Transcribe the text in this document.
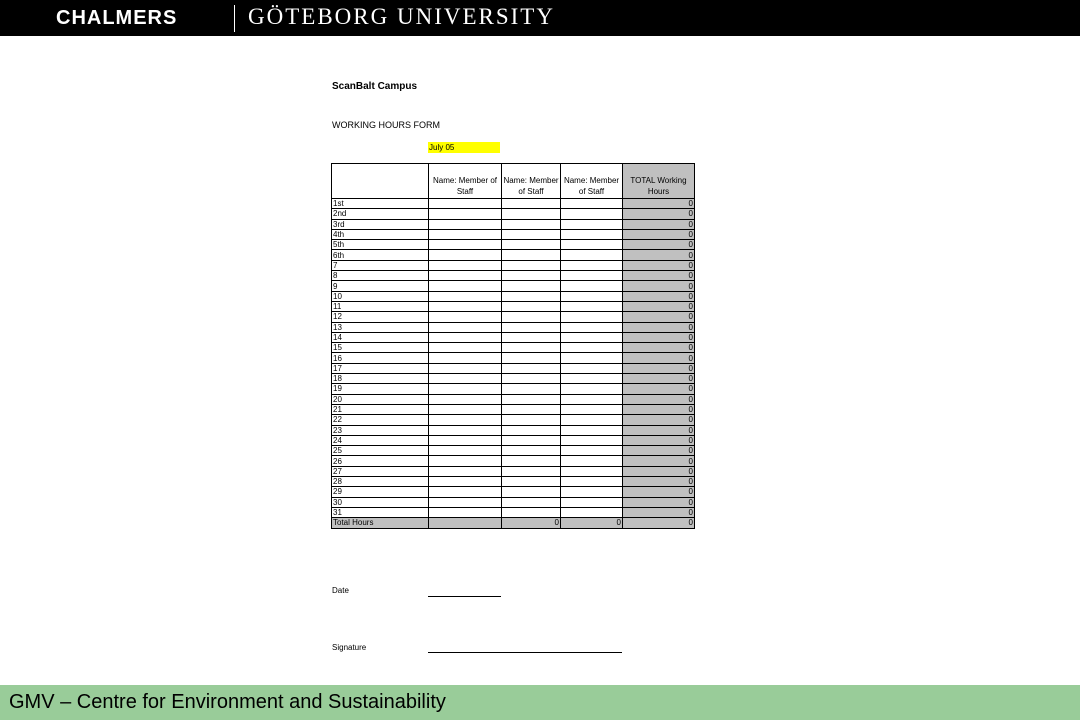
CHALMERS	GÖTEBORG UNIVERSITY
ScanBalt Campus
WORKING HOURS FORM
July 05
	Name: Member of Staff	Name: Member of Staff	Name: Member of Staff	TOTAL Working Hours
1st				0
2nd				0
3rd				0
4th				0
5th				0
6th				0
7				0
8				0
9				0
10				0
11				0
12				0
13				0
14				0
15				0
16				0
17				0
18				0
19				0
20				0
21				0
22				0
23				0
24				0
25				0
26				0
27				0
28				0
29				0
30				0
31				0
Total Hours		0	0	0
Date
Signature
GMV – Centre for Environment and Sustainability
